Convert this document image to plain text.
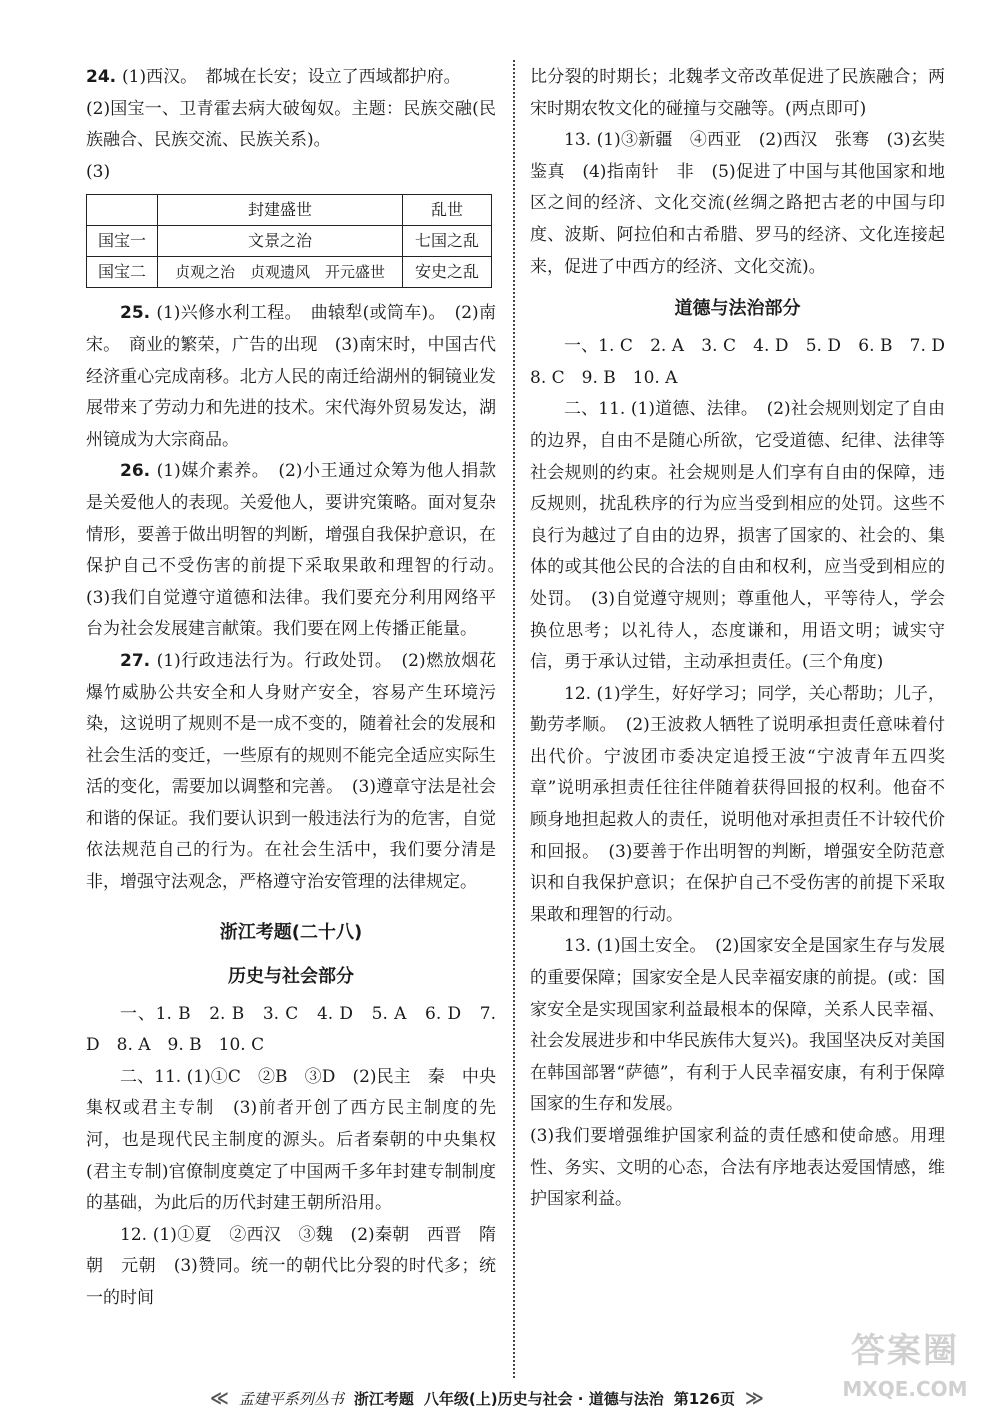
24. (1)西汉。　都城在长安；设立了西域都护府。

(2)国宝一、卫青霍去病大破匈奴。主题：民族交融(民族融合、民族交流、民族关系)。

(3)

	封建盛世	乱世
国宝一	文景之治	七国之乱
国宝二	贞观之治　贞观遗风　开元盛世	安史之乱

25. (1)兴修水利工程。　曲辕犁(或筒车)。　(2)南宋。　商业的繁荣，广告的出现　(3)南宋时，中国古代经济重心完成南移。北方人民的南迁给湖州的铜镜业发展带来了劳动力和先进的技术。宋代海外贸易发达，湖州镜成为大宗商品。

26. (1)媒介素养。　(2)小王通过众筹为他人捐款是关爱他人的表现。关爱他人，要讲究策略。面对复杂情形，要善于做出明智的判断，增强自我保护意识，在保护自己不受伤害的前提下采取果敢和理智的行动。　(3)我们自觉遵守道德和法律。我们要充分利用网络平台为社会发展建言献策。我们要在网上传播正能量。

27. (1)行政违法行为。行政处罚。　(2)燃放烟花爆竹威胁公共安全和人身财产安全，容易产生环境污染，这说明了规则不是一成不变的，随着社会的发展和社会生活的变迁，一些原有的规则不能完全适应实际生活的变化，需要加以调整和完善。　(3)遵章守法是社会和谐的保证。我们要认识到一般违法行为的危害，自觉依法规范自己的行为。在社会生活中，我们要分清是非，增强守法观念，严格遵守治安管理的法律规定。

浙江考题(二十八)
历史与社会部分

一、1. B　2. B　3. C　4. D　5. A　6. D　7. D　8. A　9. B　10. C

二、11. (1)①C　②B　③D　(2)民主　秦　中央集权或君主专制　(3)前者开创了西方民主制度的先河，也是现代民主制度的源头。后者秦朝的中央集权(君主专制)官僚制度奠定了中国两千多年封建专制制度的基础，为此后的历代封建王朝所沿用。

12. (1)①夏　②西汉　③魏　(2)秦朝　西晋　隋朝　元朝　(3)赞同。统一的朝代比分裂的时代多；统一的时间

比分裂的时期长；北魏孝文帝改革促进了民族融合；两宋时期农牧文化的碰撞与交融等。(两点即可)

13. (1)③新疆　④西亚　(2)西汉　张骞　(3)玄奘　鉴真　(4)指南针　非　(5)促进了中国与其他国家和地区之间的经济、文化交流(丝绸之路把古老的中国与印度、波斯、阿拉伯和古希腊、罗马的经济、文化连接起来，促进了中西方的经济、文化交流)。

道德与法治部分

一、1. C　2. A　3. C　4. D　5. D　6. B　7. D　8. C　9. B　10. A

二、11. (1)道德、法律。　(2)社会规则划定了自由的边界，自由不是随心所欲，它受道德、纪律、法律等社会规则的约束。社会规则是人们享有自由的保障，违反规则，扰乱秩序的行为应当受到相应的处罚。这些不良行为越过了自由的边界，损害了国家的、社会的、集体的或其他公民的合法的自由和权利，应当受到相应的处罚。　(3)自觉遵守规则；尊重他人，平等待人，学会换位思考；以礼待人，态度谦和，用语文明；诚实守信，勇于承认过错，主动承担责任。(三个角度)

12. (1)学生，好好学习；同学，关心帮助；儿子，勤劳孝顺。　(2)王波救人牺牲了说明承担责任意味着付出代价。宁波团市委决定追授王波“宁波青年五四奖章”说明承担责任往往伴随着获得回报的权利。他奋不顾身地担起救人的责任，说明他对承担责任不计较代价和回报。　(3)要善于作出明智的判断，增强安全防范意识和自我保护意识；在保护自己不受伤害的前提下采取果敢和理智的行动。

13. (1)国土安全。　(2)国家安全是国家生存与发展的重要保障；国家安全是人民幸福安康的前提。(或：国家安全是实现国家利益最根本的保障，关系人民幸福、社会发展进步和中华民族伟大复兴)。我国坚决反对美国在韩国部署“萨德”，有利于人民幸福安康，有利于保障国家的生存和发展。

(3)我们要增强维护国家利益的责任感和使命感。用理性、务实、文明的心态，合法有序地表达爱国情感，维护国家利益。

≪ 孟建平系列丛书 浙江考题 八年级(上)历史与社会 · 道德与法治 第126页 ≫
答案圈
MXQE.COM
